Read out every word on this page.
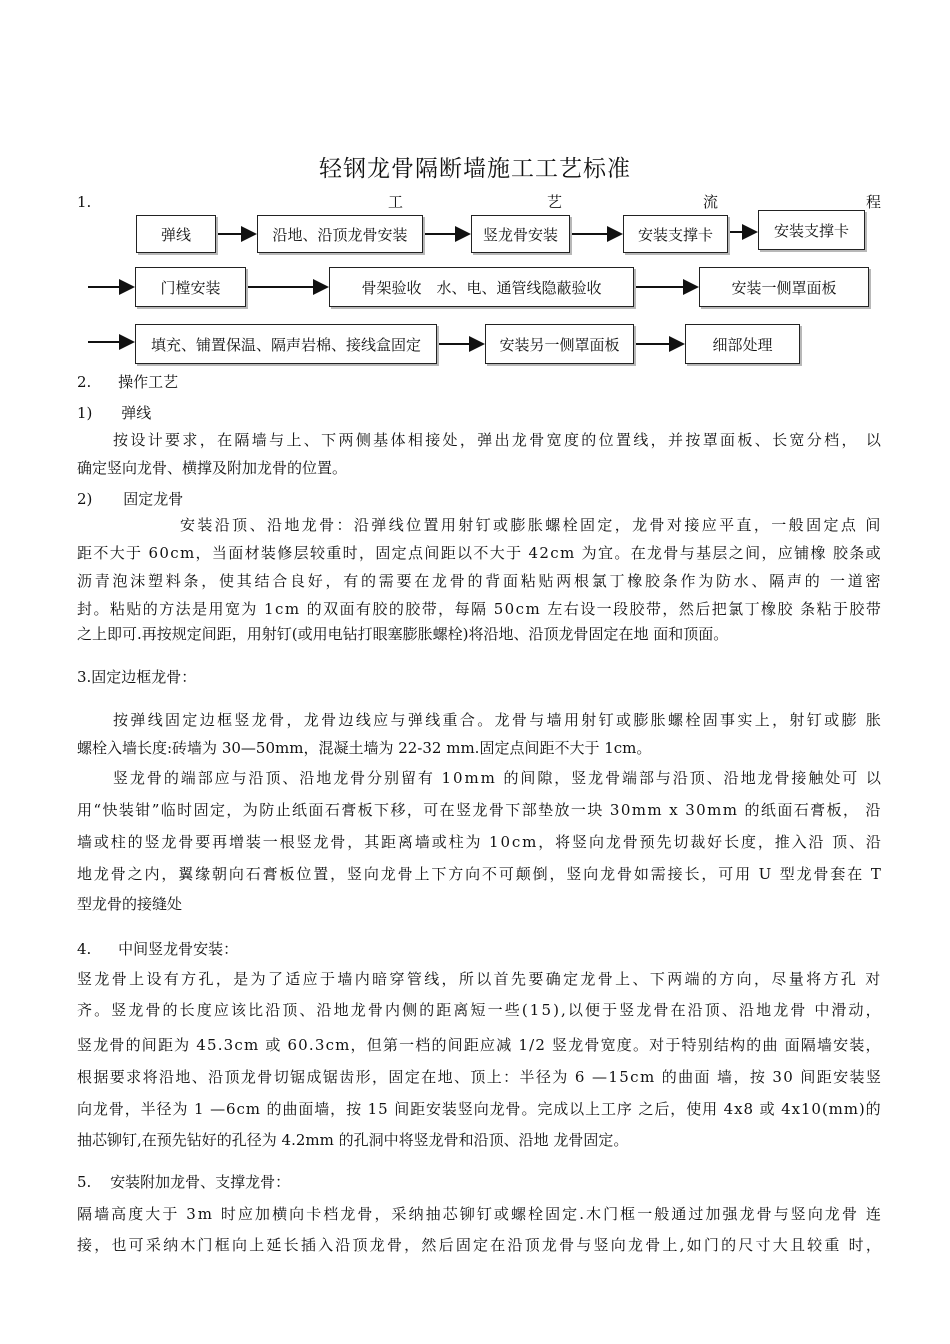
轻钢龙骨隔断墙施工工艺标准
1.	工	艺	流	程
弹线	沿地、沿顶龙骨安装	竖龙骨安装	安装支撑卡	安装支撑卡
门樘安装	骨架验收　水、电、通管线隐蔽验收	安装一侧罩面板
填充、铺置保温、隔声岩棉、接线盒固定	安装另一侧罩面板	细部处理
2. 操作工艺
1) 弹线
按 设 计 要 求 ， 在 隔 墙 与 上 、 下 两 侧 基 体 相 接 处 ， 弹 出 龙 骨 宽 度 的 位 置 线 ， 并 按 罩 面 板 、 长 宽 分 档 ，
以
确定竖向龙骨、横撑及附加龙骨的位置。
2) 固定龙骨
安 装 沿 顶 、 沿 地 龙 骨 ： 沿 弹 线 位 置 用 射 钉 或 膨 胀 螺 栓 固 定 ， 龙 骨 对 接 应 平 直 ， 一 般 固 定 点
间
距 不 大 于
6 0 c m ， 当 面 材 装 修 层 较 重 时 ， 固 定 点 间 距 以 不 大 于
4 2 c m
为 宜 。 在 龙 骨 与 基 层 之 间 ， 应 铺 橡
胶 条 或
沥 青 泡 沫 塑 料 条 ， 使 其 结 合 良 好 ， 有 的 需 要 在 龙 骨 的 背 面 粘 贴 两 根 氯 丁 橡 胶 条 作 为 防 水 、 隔 声 的
一 道 密
封 。 粘 贴 的 方 法 是 用 宽 为
1 c m
的 双 面 有 胶 的 胶 带 ， 每 隔
5 0 c m
左 右 设 一 段 胶 带 ， 然 后 把 氯 丁 橡 胶
条 粘 于 胶 带
之上即可.再按规定间距，用射钉(或用电钻打眼塞膨胀螺栓)将沿地、沿顶龙骨固定在地 面和顶面。
3.固定边框龙骨：
按 弹 线 固 定 边 框 竖 龙 骨 ， 龙 骨 边 线 应 与 弹 线 重 合 。 龙 骨 与 墙 用 射 钉 或 膨 胀 螺 栓 固 事 实 上 ， 射 钉 或 膨
胀
螺栓入墙长度:砖墙为 30—50mm，混凝土墙为 22-32 mm.固定点间距不大于 1cm。
竖 龙 骨 的 端 部 应 与 沿 顶 、 沿 地 龙 骨 分 别 留 有
1 0 m m
的 间 隙 ， 竖 龙 骨 端 部 与 沿 顶 、 沿 地 龙 骨 接 触 处 可
以
用 “ 快 装 钳 ” 临 时 固 定 ， 为 防 止 纸 面 石 膏 板 下 移 ， 可 在 竖 龙 骨 下 部 垫 放 一 块
3 0 m m
x
3 0 m m
的 纸 面 石 膏 板 ，
沿
墙 或 柱 的 竖 龙 骨 要 再 增 装 一 根 竖 龙 骨 ， 其 距 离 墙 或 柱 为
1 0 c m ， 将 竖 向 龙 骨 预 先 切 裁 好 长 度 ， 推 入 沿
顶 、 沿
地 龙 骨 之 内 ， 翼 缘 朝 向 石 膏 板 位 置 ， 竖 向 龙 骨 上 下 方 向 不 可 颠 倒 ， 竖 向 龙 骨 如 需 接 长 ， 可 用
U
型 龙 骨 套 在
T
型龙骨的接缝处
4. 中间竖龙骨安装：
竖 龙 骨 上 设 有 方 孔 ， 是 为 了 适 应 于 墙 内 暗 穿 管 线 ， 所 以 首 先 要 确 定 龙 骨 上 、 下 两 端 的 方 向 ， 尽 量 将 方 孔
对
齐 。 竖 龙 骨 的 长 度 应 该 比 沿 顶 、 沿 地 龙 骨 内 侧 的 距 离 短 一 些 ( 1 5 ) , 以 便 于 竖 龙 骨 在 沿 顶 、 沿 地 龙 骨
中 滑 动 ，
竖 龙 骨 的 间 距 为
4 5 . 3 c m
或
6 0 . 3 c m ， 但 第 一 档 的 间 距 应 减
1 / 2
竖 龙 骨 宽 度 。 对 于 特 别 结 构 的 曲
面 隔 墙 安 装 ，
根 据 要 求 将 沿 地 、 沿 顶 龙 骨 切 锯 成 锯 齿 形 ， 固 定 在 地 、 顶 上 ： 半 径 为
6
— 1 5 c m
的 曲 面
墙 ， 按
3 0
间 距 安 装 竖
向 龙 骨 ， 半 径 为
1
— 6 c m
的 曲 面 墙 ， 按
1 5
间 距 安 装 竖 向 龙 骨 。 完 成 以 上 工 序
之 后 ， 使 用
4 x 8
或
4 x 1 0 ( m m ) 的
抽芯铆钉,在预先钻好的孔径为 4.2mm 的孔洞中将竖龙骨和沿顶、沿地 龙骨固定。
5. 安装附加龙骨、支撑龙骨：
隔 墙 高 度 大 于
3 m
时 应 加 横 向 卡 档 龙 骨 ， 采 纳 抽 芯 铆 钉 或 螺 栓 固 定 . 木 门 框 一 般 通 过 加 强 龙 骨 与 竖 向 龙 骨
连
接 ， 也 可 采 纳 木 门 框 向 上 延 长 插 入 沿 顶 龙 骨 ， 然 后 固 定 在 沿 顶 龙 骨 与 竖 向 龙 骨 上 , 如 门 的 尺 寸 大 且 较 重
时 ，
